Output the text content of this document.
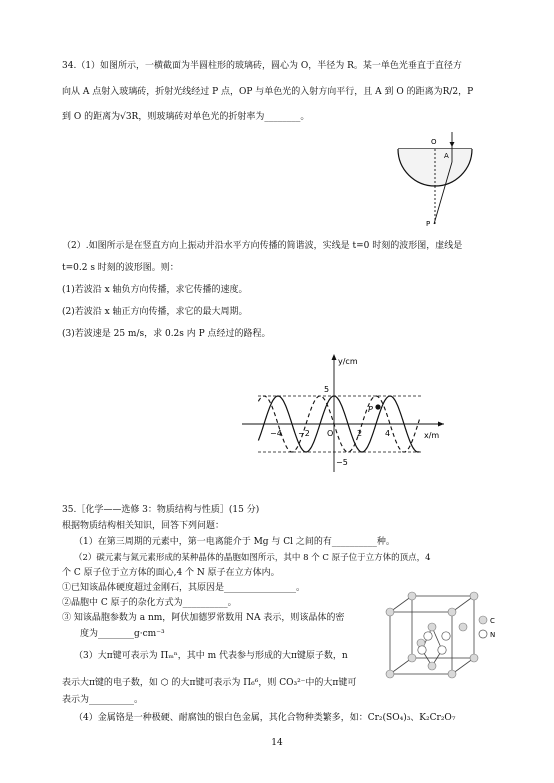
34.（1）如图所示，一横截面为半圆柱形的玻璃砖，圆心为 O，半径为 R。某一单色光垂直于直径方
向从 A 点射入玻璃砖，折射光线经过 P 点，OP 与单色光的入射方向平行，且 A 到 O 的距离为R/2，P
到 O 的距离为√3R，则玻璃砖对单色光的折射率为________。
O
A
P
（2）.如图所示是在竖直方向上振动并沿水平方向传播的简谐波，实线是 t=0 时刻的波形图，虚线是
t=0.2 s 时刻的波形图。则：
(1)若波沿 x 轴负方向传播，求它传播的速度。
(2)若波沿 x 轴正方向传播，求它的最大周期。
(3)若波速是 25 m/s，求 0.2s 内 P 点经过的路程。
y/cm
x/m
5
−5
−4 −2 O	2	4
P
35.［化学——选修 3：物质结构与性质］(15 分)
根据物质结构相关知识，回答下列问题：
（1）在第三周期的元素中，第一电离能介于 Mg 与 Cl 之间的有__________种。
（2）碳元素与氮元素形成的某种晶体的晶胞如图所示，其中 8 个 C 原子位于立方体的顶点，4
个 C 原子位于立方体的面心,4 个 N 原子在立方体内。
①已知该晶体硬度超过金刚石，其原因是________________。
②晶胞中 C 原子的杂化方式为__________。
③ 知该晶胞参数为 a nm，阿伏加德罗常数用 NA 表示，则该晶体的密
度为________g·cm⁻³
（3）大π键可表示为 Πₘⁿ，其中 m 代表参与形成的大π键原子数，n
表示大π键的电子数，如 ⬡ 的大π键可表示为 Π₆⁶，则 CO₃²⁻中的大π键可
表示为__________。
（4）金属铬是一种极硬、耐腐蚀的银白色金属，其化合物种类繁多，如：Cr₂(SO₄)₃、K₂Cr₂O₇
C
N
14
